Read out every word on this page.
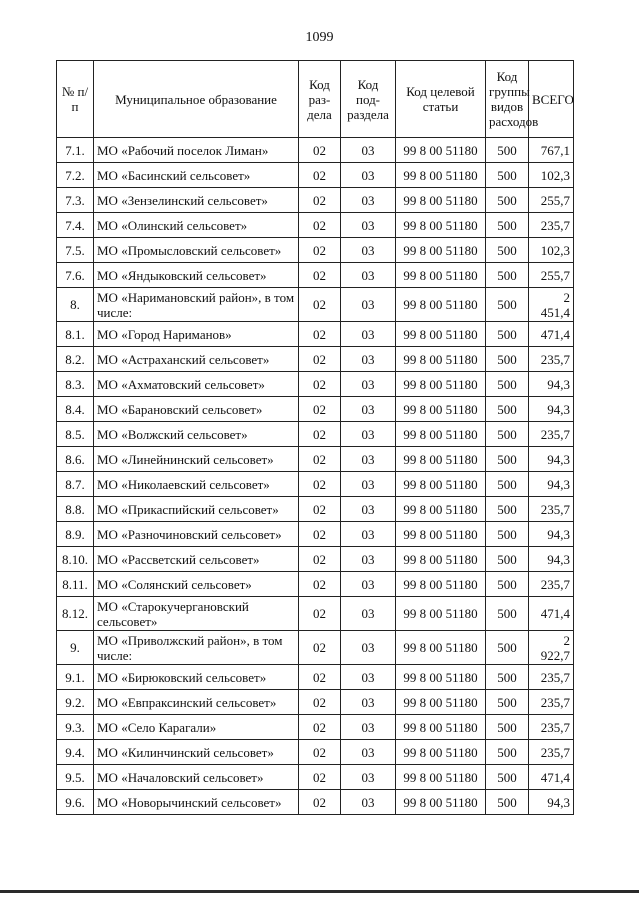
1099
№ п/п	Муниципальное образование	Код раз-дела	Код под-раздела	Код целевой статьи	Код группы видов расходов	ВСЕГО
7.1.	МО «Рабочий поселок Лиман»	02	03	99 8 00 51180	500	767,1
7.2.	МО «Басинский сельсовет»	02	03	99 8 00 51180	500	102,3
7.3.	МО «Зензелинский сельсовет»	02	03	99 8 00 51180	500	255,7
7.4.	МО «Олинский сельсовет»	02	03	99 8 00 51180	500	235,7
7.5.	МО «Промысловский сельсовет»	02	03	99 8 00 51180	500	102,3
7.6.	МО «Яндыковский сельсовет»	02	03	99 8 00 51180	500	255,7
8.	МО «Наримановский район», в том числе:	02	03	99 8 00 51180	500	2 451,4
8.1.	МО «Город Нариманов»	02	03	99 8 00 51180	500	471,4
8.2.	МО «Астраханский сельсовет»	02	03	99 8 00 51180	500	235,7
8.3.	МО «Ахматовский сельсовет»	02	03	99 8 00 51180	500	94,3
8.4.	МО «Барановский сельсовет»	02	03	99 8 00 51180	500	94,3
8.5.	МО «Волжский сельсовет»	02	03	99 8 00 51180	500	235,7
8.6.	МО «Линейнинский сельсовет»	02	03	99 8 00 51180	500	94,3
8.7.	МО «Николаевский сельсовет»	02	03	99 8 00 51180	500	94,3
8.8.	МО «Прикаспийский сельсовет»	02	03	99 8 00 51180	500	235,7
8.9.	МО «Разночиновский сельсовет»	02	03	99 8 00 51180	500	94,3
8.10.	МО «Рассветский сельсовет»	02	03	99 8 00 51180	500	94,3
8.11.	МО «Солянский сельсовет»	02	03	99 8 00 51180	500	235,7
8.12.	МО «Старокучергановский сельсовет»	02	03	99 8 00 51180	500	471,4
9.	МО «Приволжский район», в том числе:	02	03	99 8 00 51180	500	2 922,7
9.1.	МО «Бирюковский сельсовет»	02	03	99 8 00 51180	500	235,7
9.2.	МО «Евпраксинский сельсовет»	02	03	99 8 00 51180	500	235,7
9.3.	МО «Село Карагали»	02	03	99 8 00 51180	500	235,7
9.4.	МО «Килинчинский сельсовет»	02	03	99 8 00 51180	500	235,7
9.5.	МО «Началовский сельсовет»	02	03	99 8 00 51180	500	471,4
9.6.	МО «Новорычинский сельсовет»	02	03	99 8 00 51180	500	94,3
